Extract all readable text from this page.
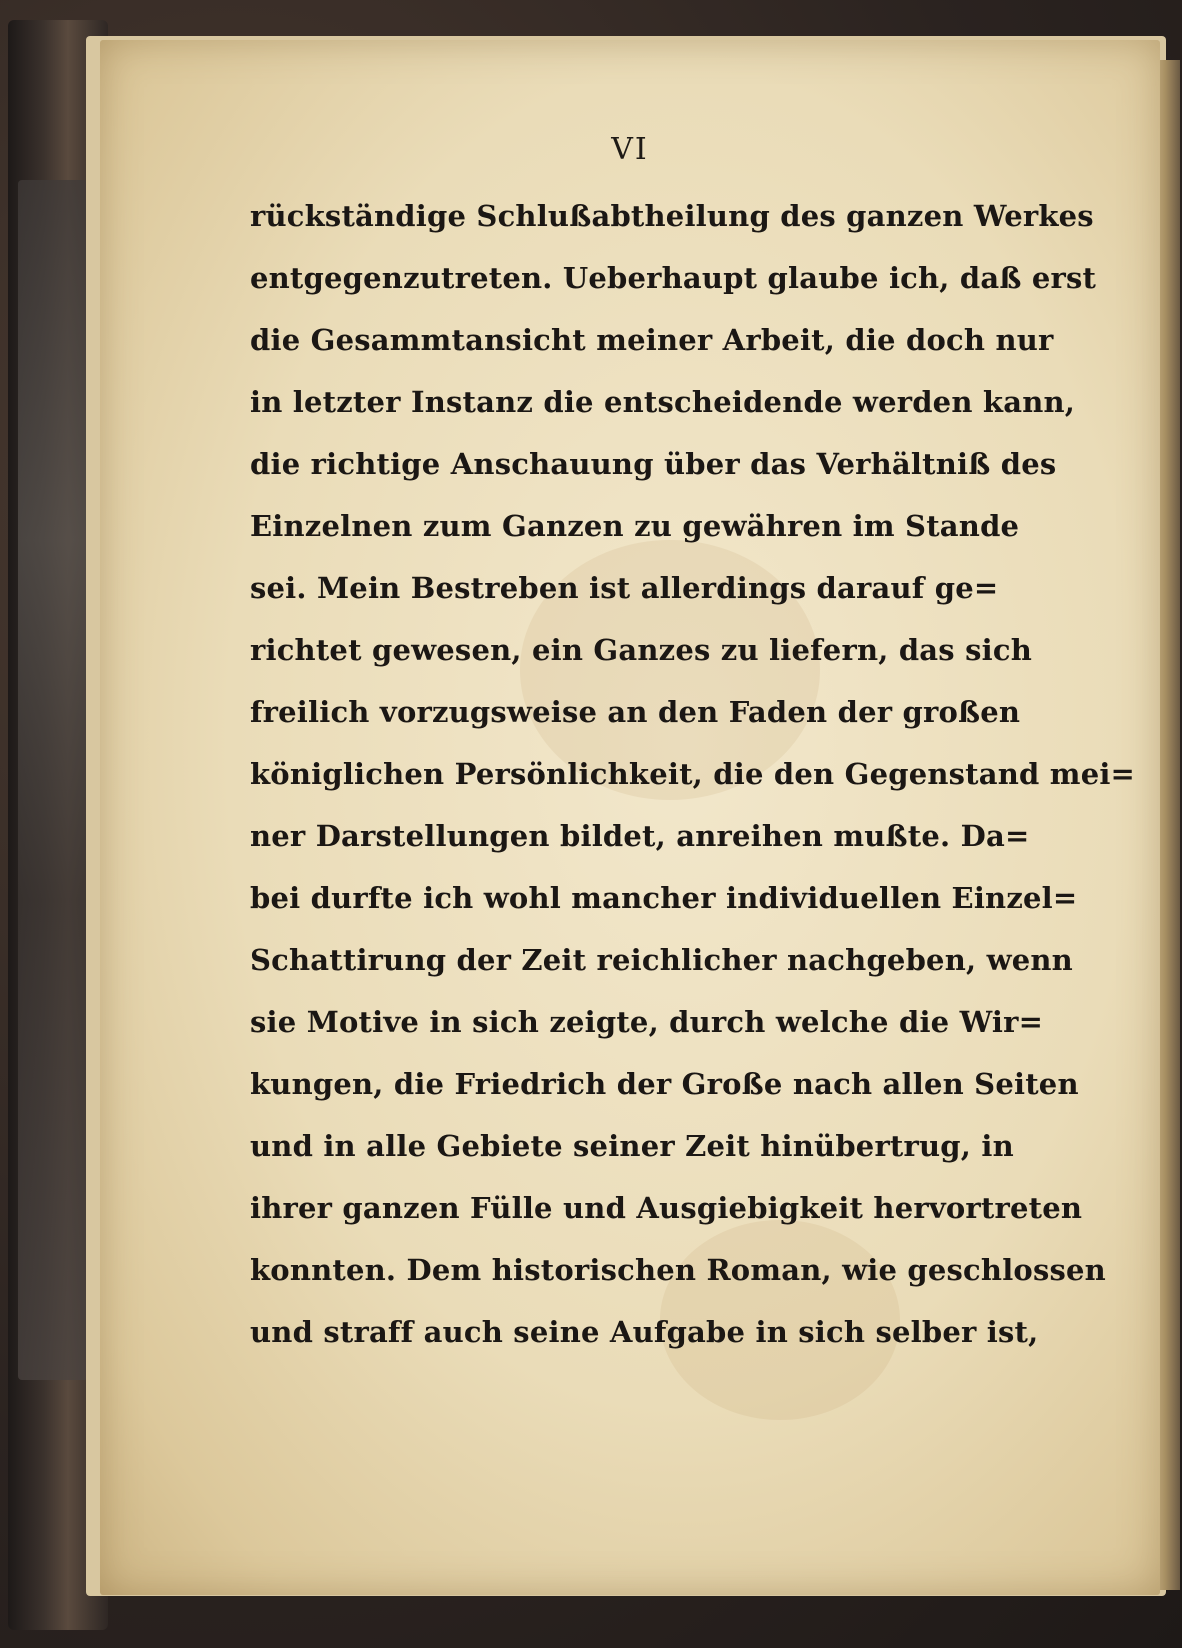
VI
rückständige Schlußabtheilung des ganzen Werkes
entgegenzutreten. Ueberhaupt glaube ich, daß erst
die Gesammtansicht meiner Arbeit, die doch nur
in letzter Instanz die entscheidende werden kann,
die richtige Anschauung über das Verhältniß des
Einzelnen zum Ganzen zu gewähren im Stande
sei. Mein Bestreben ist allerdings darauf ge=
richtet gewesen, ein Ganzes zu liefern, das sich
freilich vorzugsweise an den Faden der großen
königlichen Persönlichkeit, die den Gegenstand mei=
ner Darstellungen bildet, anreihen mußte. Da=
bei durfte ich wohl mancher individuellen Einzel=
Schattirung der Zeit reichlicher nachgeben, wenn
sie Motive in sich zeigte, durch welche die Wir=
kungen, die Friedrich der Große nach allen Seiten
und in alle Gebiete seiner Zeit hinübertrug, in
ihrer ganzen Fülle und Ausgiebigkeit hervortreten
konnten. Dem historischen Roman, wie geschlossen
und straff auch seine Aufgabe in sich selber ist,
